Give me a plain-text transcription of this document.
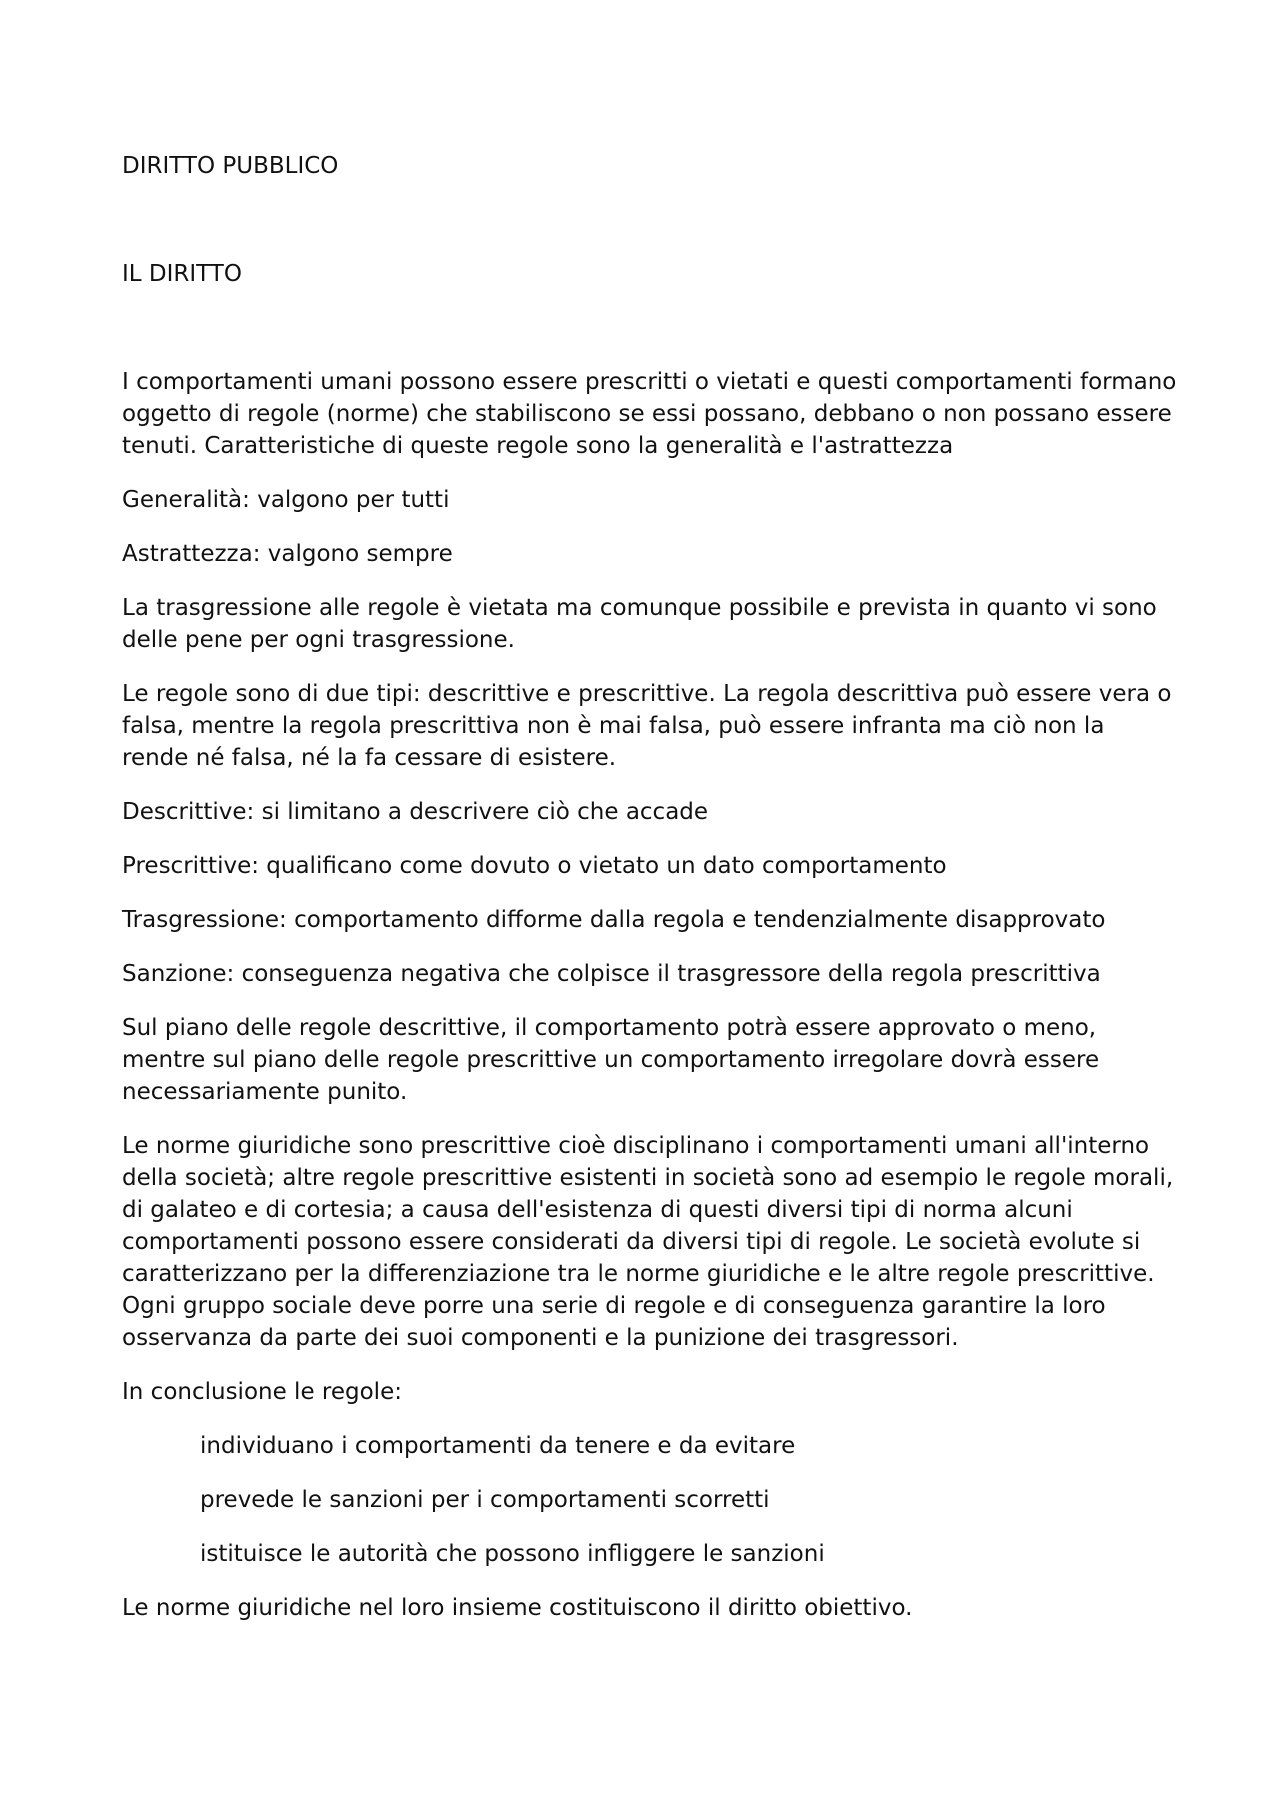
DIRITTO PUBBLICO
IL DIRITTO

I comportamenti umani possono essere prescritti o vietati e questi comportamenti formano oggetto di regole (norme) che stabiliscono se essi possano, debbano o non possano essere tenuti. Caratteristiche di queste regole sono la generalità e l'astrattezza

Generalità: valgono per tutti

Astrattezza: valgono sempre

La trasgressione alle regole è vietata ma comunque possibile e prevista in quanto vi sono delle pene per ogni trasgressione.

Le regole sono di due tipi: descrittive e prescrittive. La regola descrittiva può essere vera o falsa, mentre la regola prescrittiva non è mai falsa, può essere infranta ma ciò non la rende né falsa, né la fa cessare di esistere.

Descrittive: si limitano a descrivere ciò che accade

Prescrittive: qualificano come dovuto o vietato un dato comportamento

Trasgressione: comportamento difforme dalla regola e tendenzialmente disapprovato

Sanzione: conseguenza negativa che colpisce il trasgressore della regola prescrittiva

Sul piano delle regole descrittive, il comportamento potrà essere approvato o meno, mentre sul piano delle regole prescrittive un comportamento irregolare dovrà essere necessariamente punito.

Le norme giuridiche sono prescrittive cioè disciplinano i comportamenti umani all'interno della società; altre regole prescrittive esistenti in società sono ad esempio le regole morali, di galateo e di cortesia; a causa dell'esistenza di questi diversi tipi di norma alcuni comportamenti possono essere considerati da diversi tipi di regole. Le società evolute si caratterizzano per la differenziazione tra le norme giuridiche e le altre regole prescrittive. Ogni gruppo sociale deve porre una serie di regole e di conseguenza garantire la loro osservanza da parte dei suoi componenti e la punizione dei trasgressori.

In conclusione le regole:

individuano i comportamenti da tenere e da evitare
prevede le sanzioni per i comportamenti scorretti
istituisce le autorità che possono infliggere le sanzioni

Le norme giuridiche nel loro insieme costituiscono il diritto obiettivo.
